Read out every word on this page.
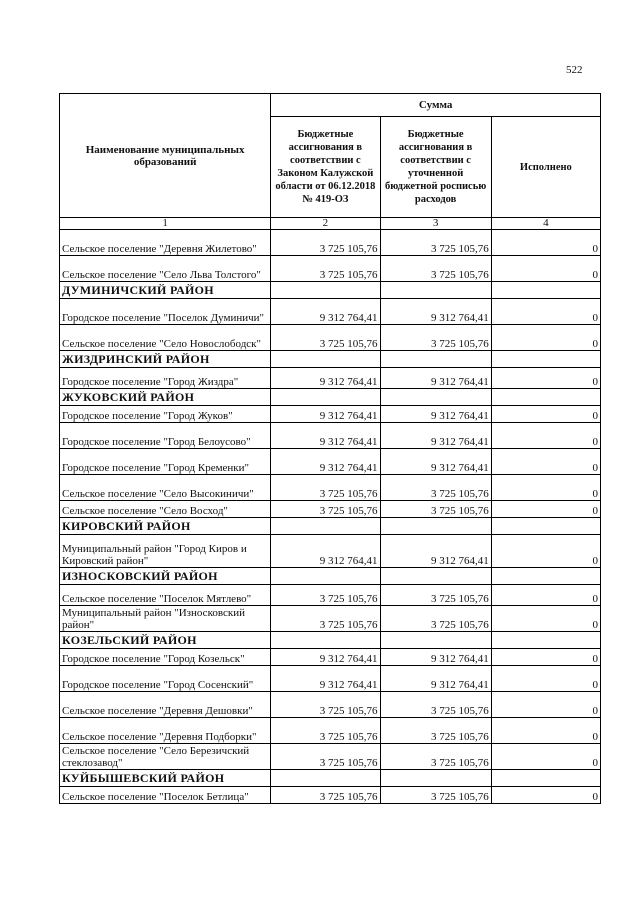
522
Наименование муниципальных образований	Сумма		
	Бюджетные ассигнования в соответствии с Законом Калужской области от 06.12.2018 № 419-ОЗ	Бюджетные ассигнования в соответствии с уточненной бюджетной росписью расходов	Исполнено
1	2	3	4
Сельское поселение "Деревня Жилетово"	3 725 105,76	3 725 105,76	0
Сельское поселение "Село Льва Толстого"	3 725 105,76	3 725 105,76	0
ДУМИНИЧСКИЙ РАЙОН			
Городское поселение "Поселок Думиничи"	9 312 764,41	9 312 764,41	0
Сельское поселение "Село Новослободск"	3 725 105,76	3 725 105,76	0
ЖИЗДРИНСКИЙ РАЙОН			
Городское поселение "Город Жиздра"	9 312 764,41	9 312 764,41	0
ЖУКОВСКИЙ РАЙОН			
Городское поселение "Город Жуков"	9 312 764,41	9 312 764,41	0
Городское поселение "Город Белоусово"	9 312 764,41	9 312 764,41	0
Городское поселение "Город Кременки"	9 312 764,41	9 312 764,41	0
Сельское поселение "Село Высокиничи"	3 725 105,76	3 725 105,76	0
Сельское поселение "Село Восход"	3 725 105,76	3 725 105,76	0
КИРОВСКИЙ РАЙОН			
Муниципальный район "Город Киров и Кировский район"	9 312 764,41	9 312 764,41	0
ИЗНОСКОВСКИЙ РАЙОН			
Сельское поселение "Поселок Мятлево"	3 725 105,76	3 725 105,76	0
Муниципальный район "Износковский район"	3 725 105,76	3 725 105,76	0
КОЗЕЛЬСКИЙ РАЙОН			
Городское поселение "Город Козельск"	9 312 764,41	9 312 764,41	0
Городское поселение "Город Сосенский"	9 312 764,41	9 312 764,41	0
Сельское поселение "Деревня Дешовки"	3 725 105,76	3 725 105,76	0
Сельское поселение "Деревня Подборки"	3 725 105,76	3 725 105,76	0
Сельское поселение "Село Березичский стеклозавод"	3 725 105,76	3 725 105,76	0
КУЙБЫШЕВСКИЙ РАЙОН			
Сельское поселение "Поселок Бетлица"	3 725 105,76	3 725 105,76	0
